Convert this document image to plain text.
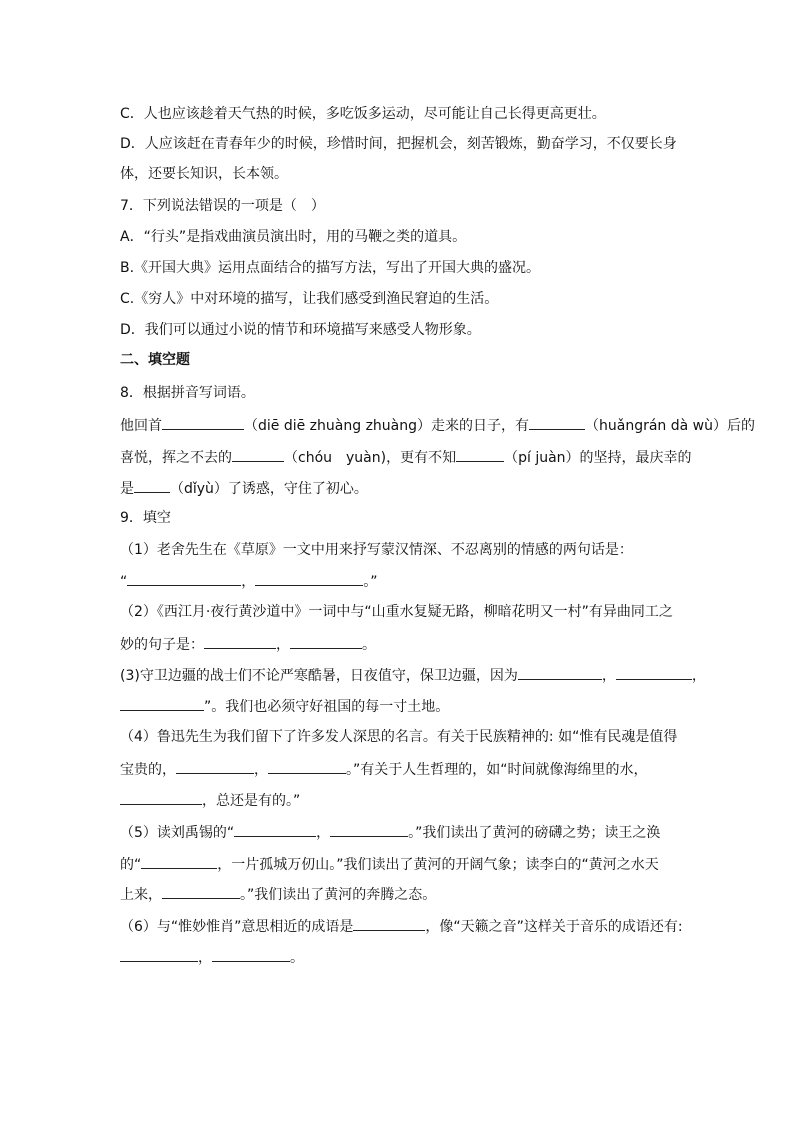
C．人也应该趁着天气热的时候，多吃饭多运动，尽可能让自己长得更高更壮。
D．人应该赶在青春年少的时候，珍惜时间，把握机会，刻苦锻炼，勤奋学习，不仅要长身
体，还要长知识，长本领。
7．下列说法错误的一项是（　）
A．“行头”是指戏曲演员演出时，用的马鞭之类的道具。
B.《开国大典》运用点面结合的描写方法，写出了开国大典的盛况。
C.《穷人》中对环境的描写，让我们感受到渔民窘迫的生活。
D．我们可以通过小说的情节和环境描写来感受人物形象。
二、填空题
8．根据拼音写词语。
他回首	（diē diē zhuàng zhuàng）走来的日子，有	（huǎngrán dà wù）后的
喜悦，挥之不去的	（chóu　yuàn)，更有不知	（pí juàn）的坚持，最庆幸的
是	（dǐyù）了诱惑，守住了初心。
9．填空
（1）老舍先生在《草原》一文中用来抒写蒙汉情深、不忍离别的情感的两句话是：
“	，	。”
（2）《西江月·夜行黄沙道中》一词中与“山重水复疑无路，柳暗花明又一村”有异曲同工之
妙的句子是：	，	。
(3)守卫边疆的战士们不论严寒酷暑，日夜值守，保卫边疆，因为	，	，
”。我们也必须守好祖国的每一寸土地。
（4）鲁迅先生为我们留下了许多发人深思的名言。有关于民族精神的: 如“惟有民魂是值得
宝贵的，	，	。”有关于人生哲理的，如“时间就像海绵里的水，
，总还是有的。”
（5）读刘禹锡的“	，	。”我们读出了黄河的磅礴之势；读王之涣
的“	，一片孤城万仞山。”我们读出了黄河的开阔气象；读李白的“黄河之水天
上来，	。”我们读出了黄河的奔腾之态。
（6）与“惟妙惟肖”意思相近的成语是	，像“天籁之音”这样关于音乐的成语还有:
，	。
